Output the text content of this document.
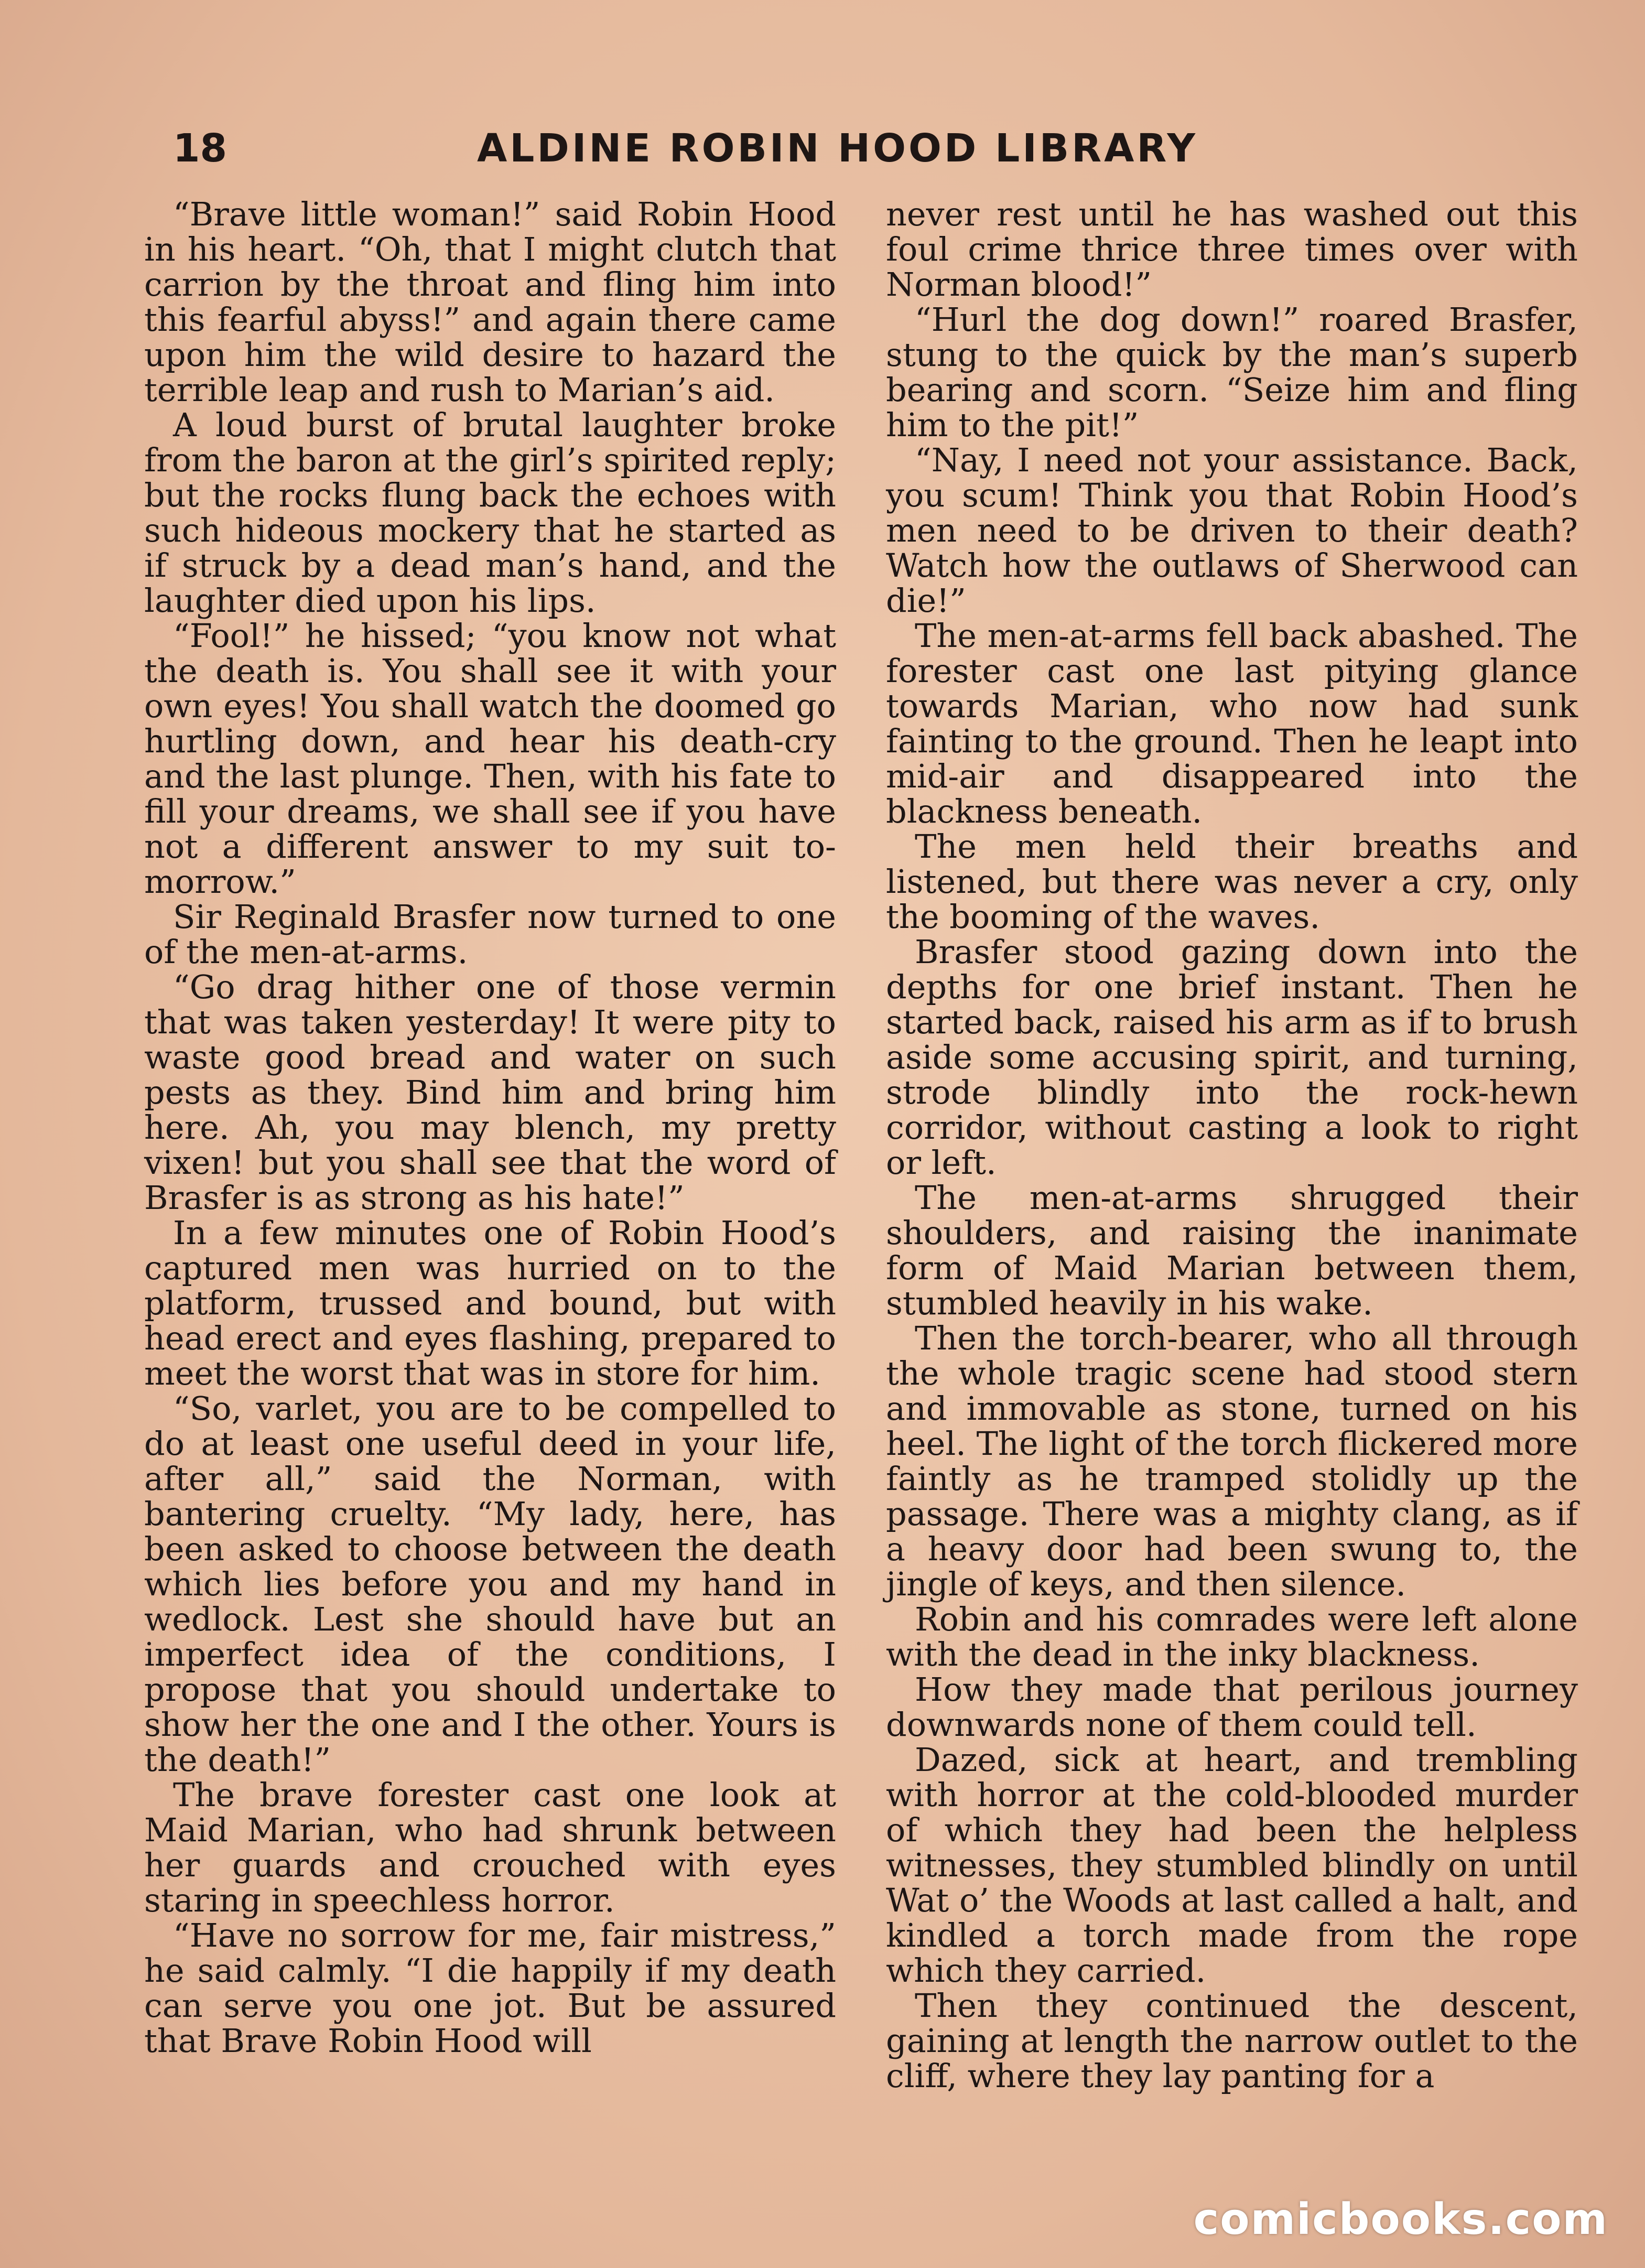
18	ALDINE ROBIN HOOD LIBRARY

“Brave little woman!” said Robin Hood in his heart. “Oh, that I might clutch that carrion by the throat and fling him into this fearful abyss!” and again there came upon him the wild desire to hazard the terrible leap and rush to Marian’s aid.

A loud burst of brutal laughter broke from the baron at the girl’s spirited reply; but the rocks flung back the echoes with such hideous mockery that he started as if struck by a dead man’s hand, and the laughter died upon his lips.

“Fool!” he hissed; “you know not what the death is. You shall see it with your own eyes! You shall watch the doomed go hurtling down, and hear his death-cry and the last plunge. Then, with his fate to fill your dreams, we shall see if you have not a different answer to my suit to-morrow.”

Sir Reginald Brasfer now turned to one of the men-at-arms.

“Go drag hither one of those vermin that was taken yesterday! It were pity to waste good bread and water on such pests as they. Bind him and bring him here. Ah, you may blench, my pretty vixen! but you shall see that the word of Brasfer is as strong as his hate!”

In a few minutes one of Robin Hood’s captured men was hurried on to the platform, trussed and bound, but with head erect and eyes flashing, prepared to meet the worst that was in store for him.

“So, varlet, you are to be compelled to do at least one useful deed in your life, after all,” said the Norman, with bantering cruelty. “My lady, here, has been asked to choose between the death which lies before you and my hand in wedlock. Lest she should have but an imperfect idea of the conditions, I propose that you should undertake to show her the one and I the other. Yours is the death!”

The brave forester cast one look at Maid Marian, who had shrunk between her guards and crouched with eyes staring in speechless horror.

“Have no sorrow for me, fair mistress,” he said calmly. “I die happily if my death can serve you one jot. But be assured that Brave Robin Hood will

never rest until he has washed out this foul crime thrice three times over with Norman blood!”

“Hurl the dog down!” roared Brasfer, stung to the quick by the man’s superb bearing and scorn. “Seize him and fling him to the pit!”

“Nay, I need not your assistance. Back, you scum! Think you that Robin Hood’s men need to be driven to their death? Watch how the outlaws of Sherwood can die!”

The men-at-arms fell back abashed. The forester cast one last pitying glance towards Marian, who now had sunk fainting to the ground. Then he leapt into mid-air and disappeared into the blackness beneath.

The men held their breaths and listened, but there was never a cry, only the booming of the waves.

Brasfer stood gazing down into the depths for one brief instant. Then he started back, raised his arm as if to brush aside some accusing spirit, and turning, strode blindly into the rock-hewn corridor, without casting a look to right or left.

The men-at-arms shrugged their shoulders, and raising the inanimate form of Maid Marian between them, stumbled heavily in his wake.

Then the torch-bearer, who all through the whole tragic scene had stood stern and immovable as stone, turned on his heel. The light of the torch flickered more faintly as he tramped stolidly up the passage. There was a mighty clang, as if a heavy door had been swung to, the jingle of keys, and then silence.

Robin and his comrades were left alone with the dead in the inky blackness.

How they made that perilous journey downwards none of them could tell.

Dazed, sick at heart, and trembling with horror at the cold-blooded murder of which they had been the helpless witnesses, they stumbled blindly on until Wat o’ the Woods at last called a halt, and kindled a torch made from the rope which they carried.

Then they continued the descent, gaining at length the narrow outlet to the cliff, where they lay panting for a

comicbooks.com
